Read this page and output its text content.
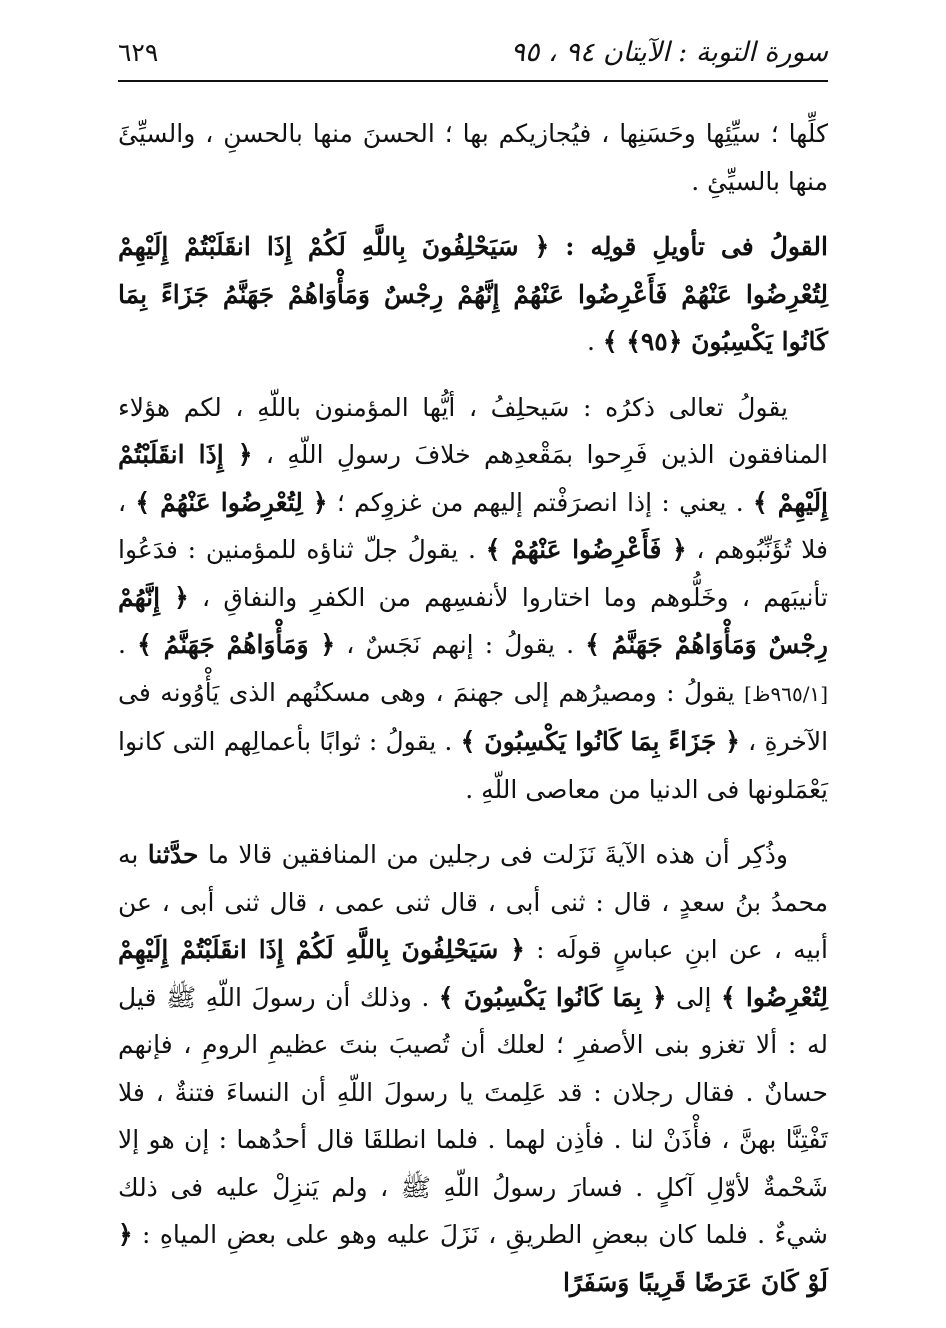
سورة التوبة : الآيتان ٩٤ ، ٩٥
٦٢٩

كلِّها ؛ سيِّئِها وحَسَنِها ، فيُجازيكم بها ؛ الحسنَ منها بالحسنِ ، والسيِّئَ منها بالسيِّئِ .

القولُ فى تأويلِ قولِه : ﴿ سَيَحْلِفُونَ بِاللَّهِ لَكُمْ إِذَا انقَلَبْتُمْ إِلَيْهِمْ لِتُعْرِضُوا عَنْهُمْ فَأَعْرِضُوا عَنْهُمْ إِنَّهُمْ رِجْسٌ وَمَأْوَاهُمْ جَهَنَّمُ جَزَاءً بِمَا كَانُوا يَكْسِبُونَ ﴿٩٥﴾ ﴾ .

يقولُ تعالى ذكرُه : سَيحلِفُ ، أيُّها المؤمنون باللّهِ ، لكم هؤلاء المنافقون الذين فَرِحوا بمَقْعدِهم خلافَ رسولِ اللّهِ ، ﴿ إِذَا انقَلَبْتُمْ إِلَيْهِمْ ﴾ . يعني : إذا انصرَفْتم إليهم من غزوِكم ؛ ﴿ لِتُعْرِضُوا عَنْهُمْ ﴾ ، فلا تُؤَنِّبُوهم ، ﴿ فَأَعْرِضُوا عَنْهُمْ ﴾ . يقولُ جلّ ثناؤه للمؤمنين : فدَعُوا تأنيبَهم ، وخَلُّوهم وما اختاروا لأنفسِهم من الكفرِ والنفاقِ ، ﴿ إِنَّهُمْ رِجْسٌ وَمَأْوَاهُمْ جَهَنَّمُ ﴾ . يقولُ : إنهم نَجَسٌ ، ﴿ وَمَأْوَاهُمْ جَهَنَّمُ ﴾ . [٩٦٥/١ظ] يقولُ : ومصيرُهم إلى جهنمَ ، وهى مسكنُهم الذى يَأْوُونه فى الآخرةِ ، ﴿ جَزَاءً بِمَا كَانُوا يَكْسِبُونَ ﴾ . يقولُ : ثوابًا بأعمالِهم التى كانوا يَعْمَلونها فى الدنيا من معاصى اللّهِ .

وذُكِر أن هذه الآيةَ نَزَلت فى رجلين من المنافقين قالا ما حدَّثنا به محمدُ بنُ سعدٍ ، قال : ثنى أبى ، قال ثنى عمى ، قال ثنى أبى ، عن أبيه ، عن ابنِ عباسٍ قولَه : ﴿ سَيَحْلِفُونَ بِاللَّهِ لَكُمْ إِذَا انقَلَبْتُمْ إِلَيْهِمْ لِتُعْرِضُوا ﴾ إلى ﴿ بِمَا كَانُوا يَكْسِبُونَ ﴾ . وذلك أن رسولَ اللّهِ ﷺ قيل له : ألا تغزو بنى الأصفرِ ؛ لعلك أن تُصيبَ بنتَ عظيمِ الرومِ ، فإنهم حسانٌ . فقال رجلان : قد عَلِمتَ يا رسولَ اللّهِ أن النساءَ فتنةٌ ، فلا تَفْتِنَّا بهنَّ ، فأْذَنْ لنا . فأذِن لهما . فلما انطلقَا قال أحدُهما : إن هو إلا شَحْمةٌ لأوّلِ آكلٍ . فسارَ رسولُ اللّهِ ﷺ ، ولم يَنزِلْ عليه فى ذلك شيءٌ . فلما كان ببعضِ الطريقِ ، نَزَلَ عليه وهو على بعضِ المياهِ : ﴿ لَوْ كَانَ عَرَضًا قَرِيبًا وَسَفَرًا
